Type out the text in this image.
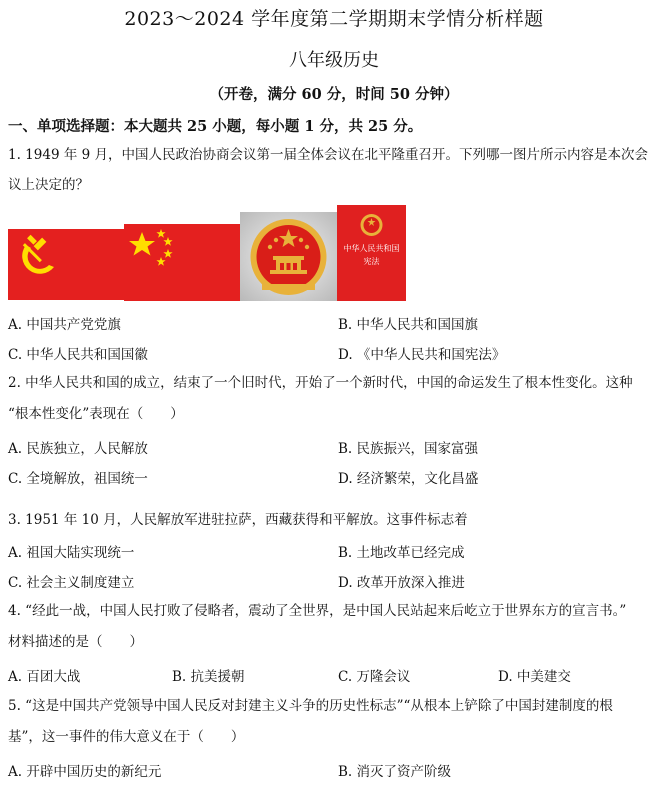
2023～2024 学年度第二学期期末学情分析样题
八年级历史
（开卷，满分 60 分，时间 50 分钟）
一、单项选择题：本大题共 25 小题，每小题 1 分，共 25 分。
1. 1949 年 9 月，中国人民政治协商会议第一届全体会议在北平隆重召开。下列哪一图片所示内容是本次会
议上决定的？
中华人民共和国
宪法
A. 中国共产党党旗	B. 中华人民共和国国旗
C. 中华人民共和国国徽	D. 《中华人民共和国宪法》
2. 中华人民共和国的成立，结束了一个旧时代，开始了一个新时代，中国的命运发生了根本性变化。这种
“根本性变化”表现在（　　）
A. 民族独立，人民解放	B. 民族振兴，国家富强
C. 全境解放，祖国统一	D. 经济繁荣，文化昌盛
3. 1951 年 10 月，人民解放军进驻拉萨，西藏获得和平解放。这事件标志着
A. 祖国大陆实现统一	B. 土地改革已经完成
C. 社会主义制度建立	D. 改革开放深入推进
4. “经此一战，中国人民打败了侵略者，震动了全世界，是中国人民站起来后屹立于世界东方的宣言书。”
材料描述的是（　　）
A. 百团大战	B. 抗美援朝	C. 万隆会议	D. 中美建交
5. “这是中国共产党领导中国人民反对封建主义斗争的历史性标志”“从根本上铲除了中国封建制度的根
基”，这一事件的伟大意义在于（　　）
A. 开辟中国历史的新纪元	B. 消灭了资产阶级
